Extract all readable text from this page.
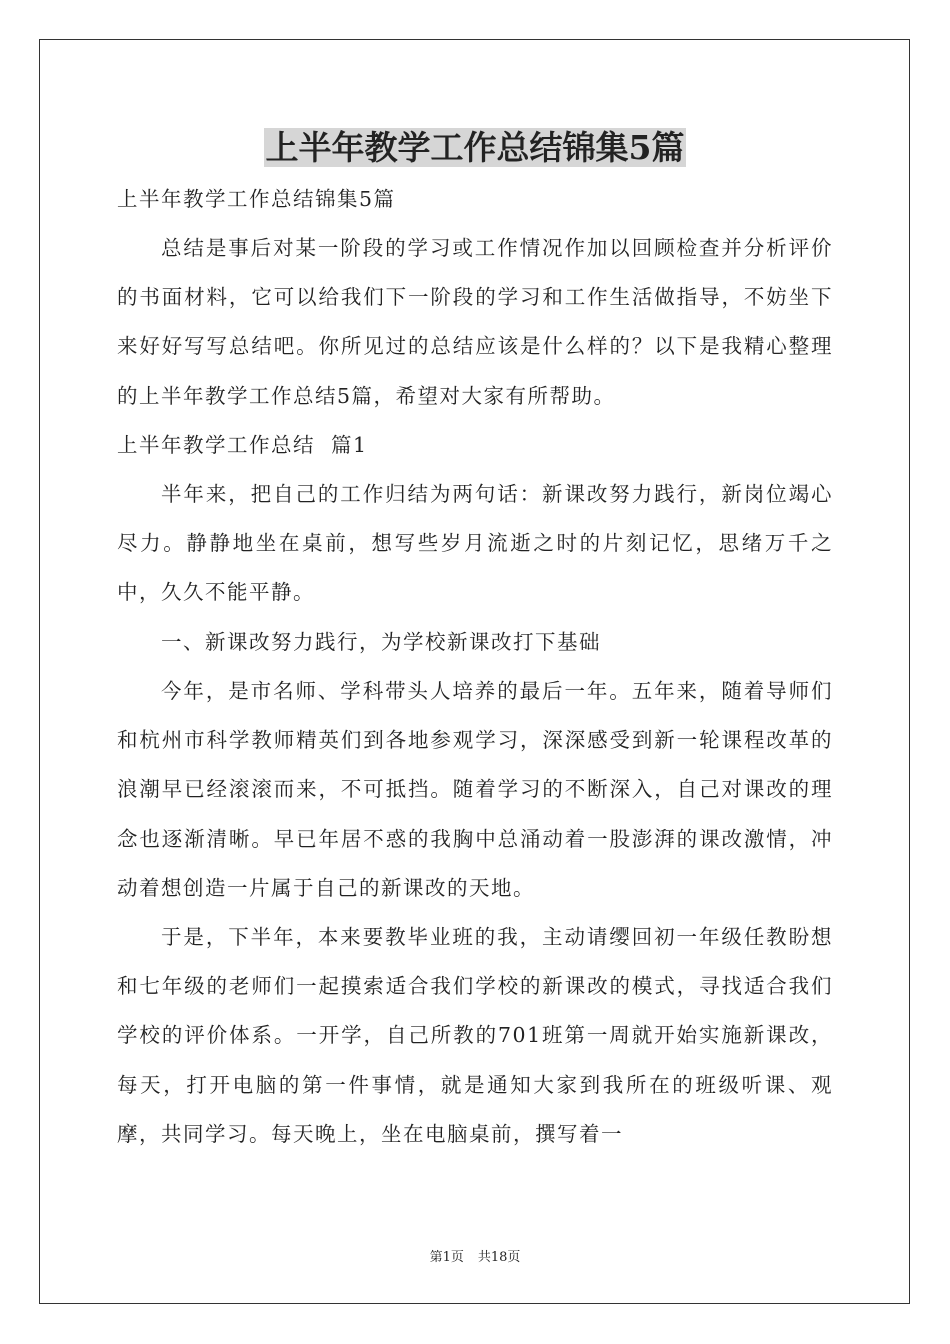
上半年教学工作总结锦集5篇

上半年教学工作总结锦集5篇

总结是事后对某一阶段的学习或工作情况作加以回顾检查并分析评价的书面材料，它可以给我们下一阶段的学习和工作生活做指导，不妨坐下来好好写写总结吧。你所见过的总结应该是什么样的？以下是我精心整理的上半年教学工作总结5篇，希望对大家有所帮助。

上半年教学工作总结  篇1

半年来，把自己的工作归结为两句话：新课改努力践行，新岗位竭心尽力。静静地坐在桌前，想写些岁月流逝之时的片刻记忆，思绪万千之中，久久不能平静。

一、新课改努力践行，为学校新课改打下基础

今年，是市名师、学科带头人培养的最后一年。五年来，随着导师们和杭州市科学教师精英们到各地参观学习，深深感受到新一轮课程改革的浪潮早已经滚滚而来，不可抵挡。随着学习的不断深入，自己对课改的理念也逐渐清晰。早已年居不惑的我胸中总涌动着一股澎湃的课改激情，冲动着想创造一片属于自己的新课改的天地。

于是，下半年，本来要教毕业班的我，主动请缨回初一年级任教盼想和七年级的老师们一起摸索适合我们学校的新课改的模式，寻找适合我们学校的评价体系。一开学，自己所教的701班第一周就开始实施新课改，每天，打开电脑的第一件事情，就是通知大家到我所在的班级听课、观摩，共同学习。每天晚上，坐在电脑桌前，撰写着一

第1页 共18页
